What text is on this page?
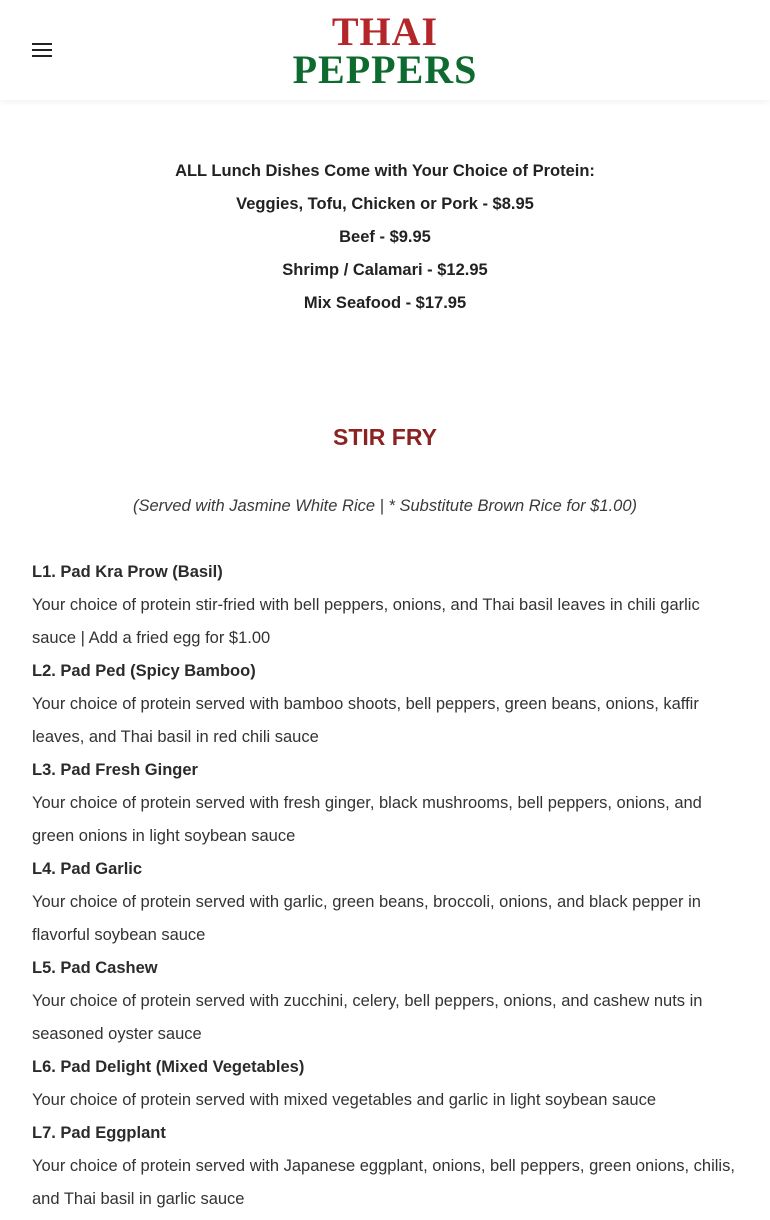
THAI
PEPPERS
ALL Lunch Dishes Come with Your Choice of Protein:
Veggies, Tofu, Chicken or Pork - $8.95
Beef - $9.95
Shrimp / Calamari - $12.95
Mix Seafood - $17.95
STIR FRY
(Served with Jasmine White Rice | * Substitute Brown Rice for $1.00)
L1. Pad Kra Prow (Basil)
Your choice of protein stir-fried with bell peppers, onions, and Thai basil leaves in chili garlic sauce | Add a fried egg for $1.00
L2. Pad Ped (Spicy Bamboo)
Your choice of protein served with bamboo shoots, bell peppers, green beans, onions, kaffir leaves, and Thai basil in red chili sauce
L3. Pad Fresh Ginger
Your choice of protein served with fresh ginger, black mushrooms, bell peppers, onions, and green onions in light soybean sauce
L4. Pad Garlic
Your choice of protein served with garlic, green beans, broccoli, onions, and black pepper in flavorful soybean sauce
L5. Pad Cashew
Your choice of protein served with zucchini, celery, bell peppers, onions, and cashew nuts in seasoned oyster sauce
L6. Pad Delight (Mixed Vegetables)
Your choice of protein served with mixed vegetables and garlic in light soybean sauce
L7. Pad Eggplant
Your choice of protein served with Japanese eggplant, onions, bell peppers, green onions, chilis, and Thai basil in garlic sauce
